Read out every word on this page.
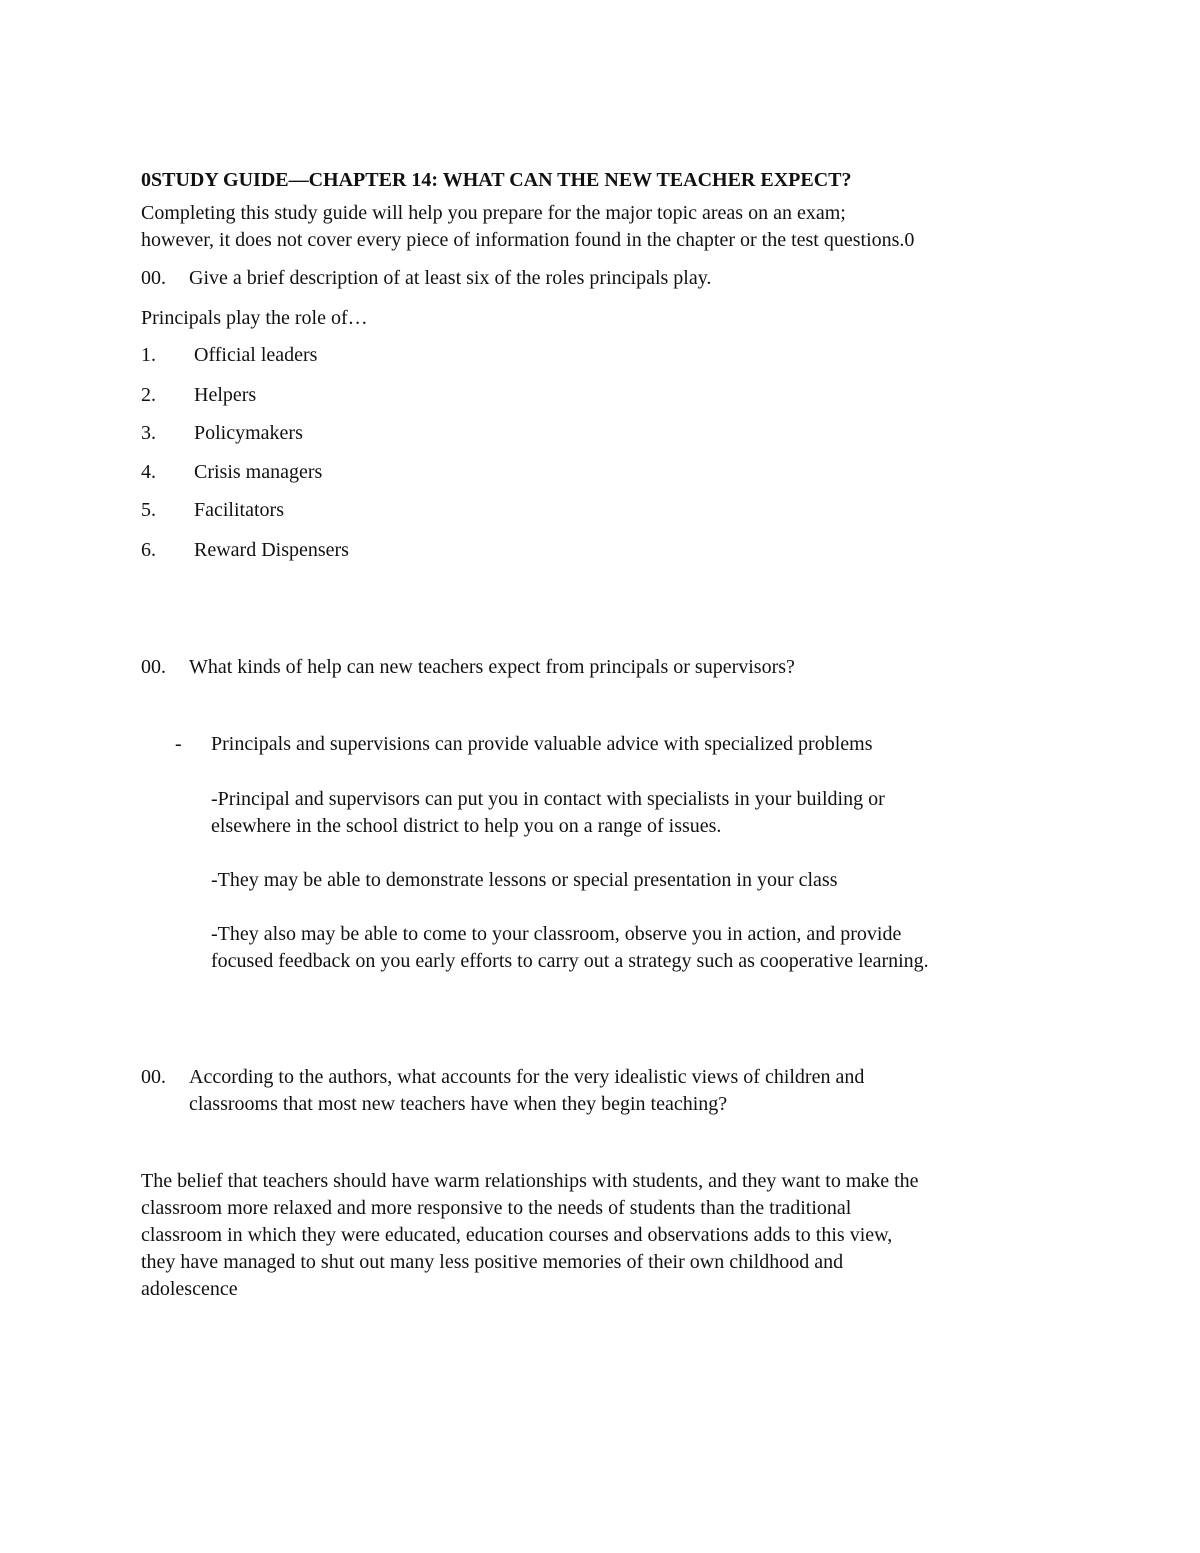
0STUDY GUIDE—CHAPTER 14: WHAT CAN THE NEW TEACHER EXPECT?

Completing this study guide will help you prepare for the major topic areas on an exam;
however, it does not cover every piece of information found in the chapter or the test questions.0

00. Give a brief description of at least six of the roles principals play.

Principals play the role of…

1. Official leaders
2. Helpers
3. Policymakers
4. Crisis managers
5. Facilitators
6. Reward Dispensers

00. What kinds of help can new teachers expect from principals or supervisors?

- Principals and supervisions can provide valuable advice with specialized problems

-Principal and supervisors can put you in contact with specialists in your building or
elsewhere in the school district to help you on a range of issues.

-They may be able to demonstrate lessons or special presentation in your class

-They also may be able to come to your classroom, observe you in action, and provide
focused feedback on you early efforts to carry out a strategy such as cooperative learning.

00. According to the authors, what accounts for the very idealistic views of children and
classrooms that most new teachers have when they begin teaching?
The belief that teachers should have warm relationships with students, and they want to make the
classroom more relaxed and more responsive to the needs of students than the traditional
classroom in which they were educated, education courses and observations adds to this view,
they have managed to shut out many less positive memories of their own childhood and
adolescence
